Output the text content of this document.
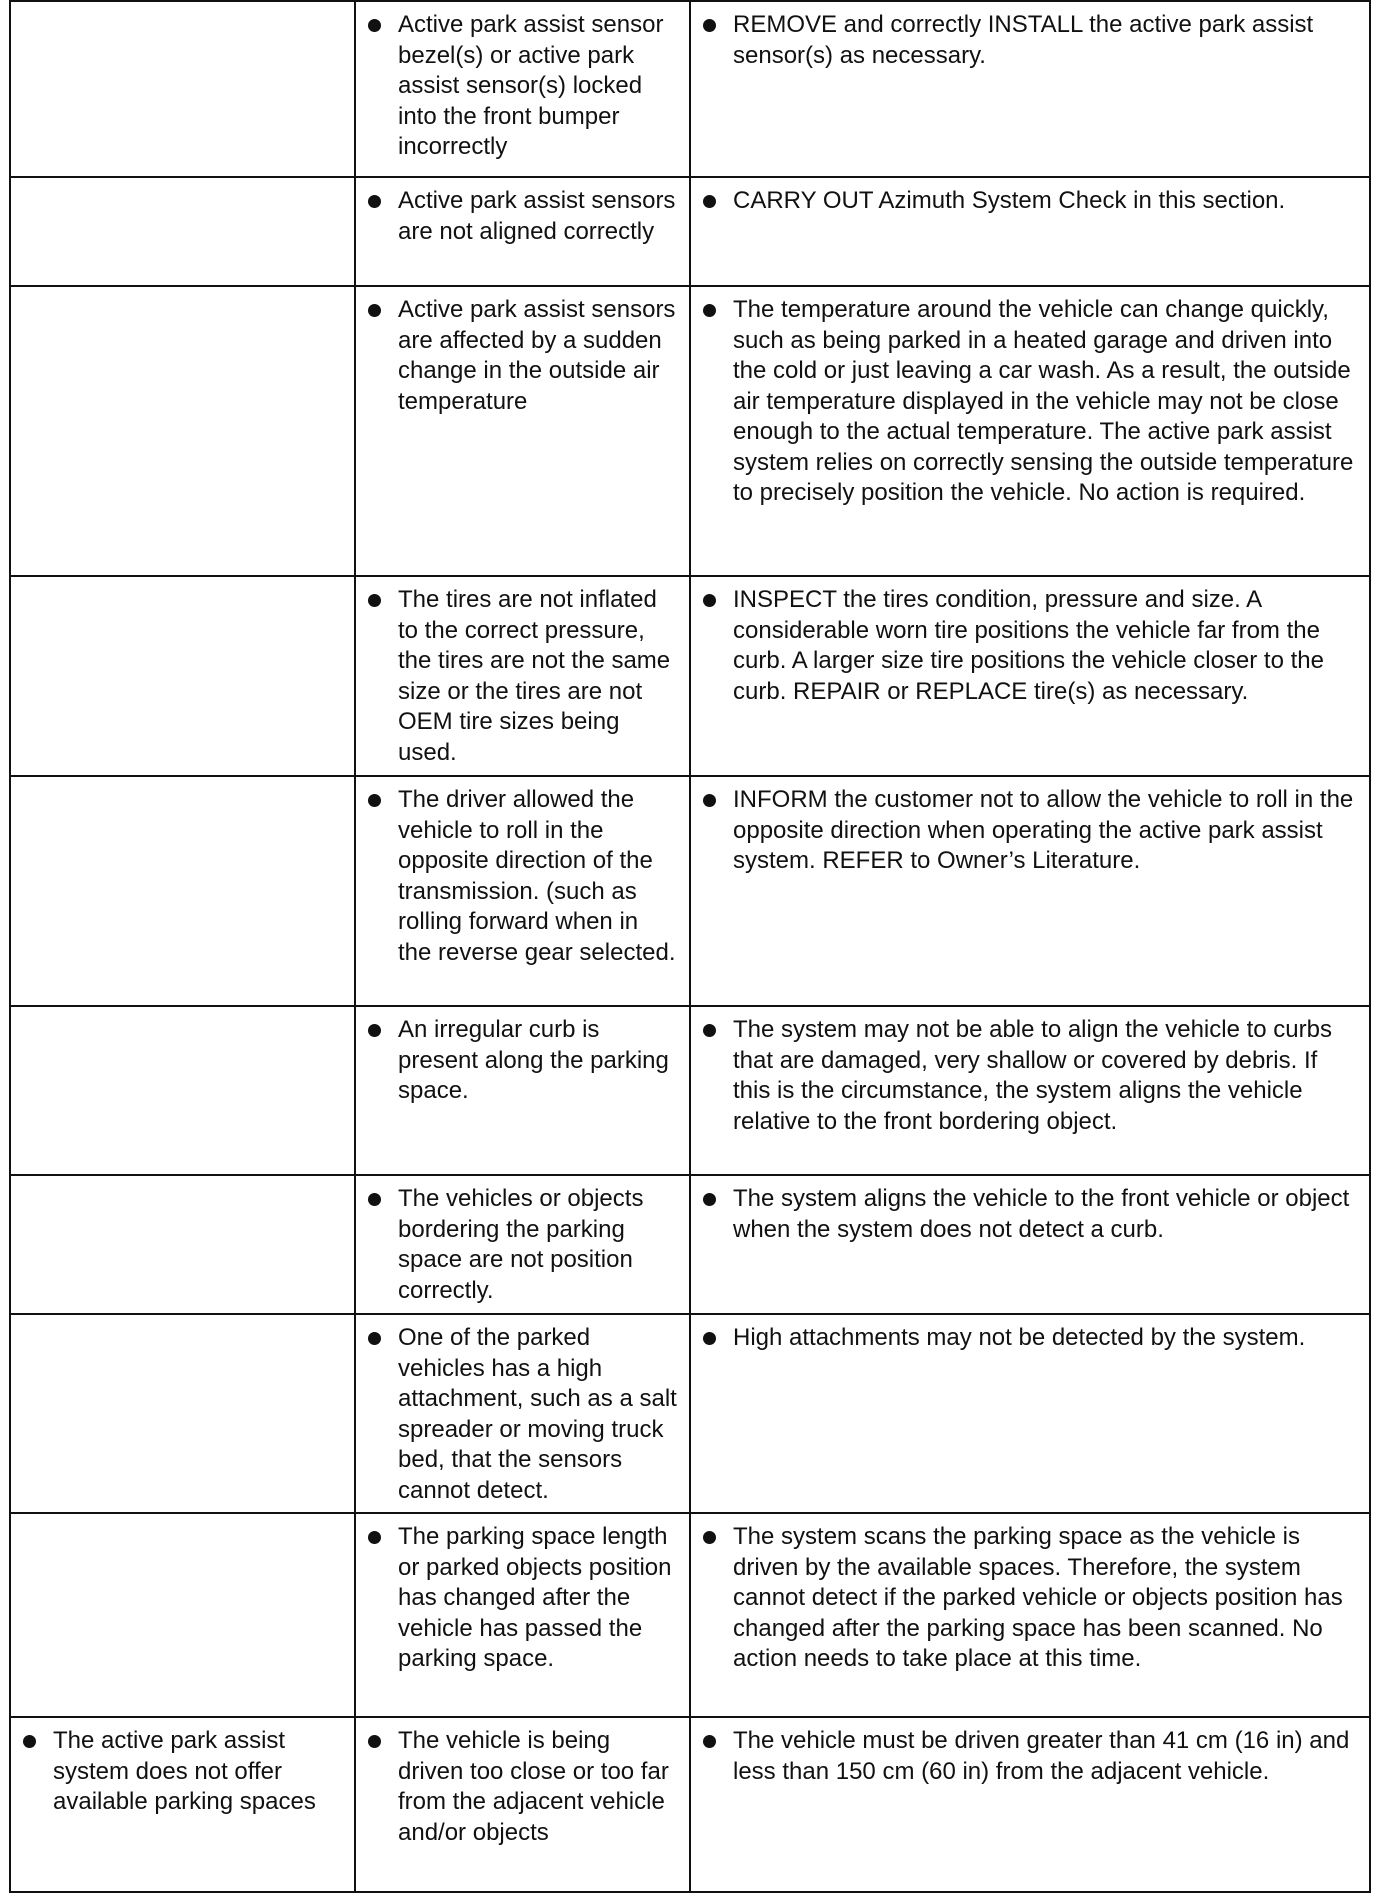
	Active park assist sensor bezel(s) or active park assist sensor(s) locked into the front bumper incorrectly	REMOVE and correctly INSTALL the active park assist sensor(s) as necessary.

	Active park assist sensors are not aligned correctly	CARRY OUT Azimuth System Check in this section.

	Active park assist sensors are affected by a sudden change in the outside air temperature	The temperature around the vehicle can change quickly, such as being parked in a heated garage and driven into the cold or just leaving a car wash. As a result, the outside air temperature displayed in the vehicle may not be close enough to the actual temperature. The active park assist system relies on correctly sensing the outside temperature to precisely position the vehicle. No action is required.

	The tires are not inflated to the correct pressure, the tires are not the same size or the tires are not OEM tire sizes being used.	INSPECT the tires condition, pressure and size. A considerable worn tire positions the vehicle far from the curb. A larger size tire positions the vehicle closer to the curb. REPAIR or REPLACE tire(s) as necessary.

	The driver allowed the vehicle to roll in the opposite direction of the transmission. (such as rolling forward when in the reverse gear selected.	INFORM the customer not to allow the vehicle to roll in the opposite direction when operating the active park assist system. REFER to Owner’s Literature.

	An irregular curb is present along the parking space.	The system may not be able to align the vehicle to curbs that are damaged, very shallow or covered by debris. If this is the circumstance, the system aligns the vehicle relative to the front bordering object.

	The vehicles or objects bordering the parking space are not position correctly.	The system aligns the vehicle to the front vehicle or object when the system does not detect a curb.

	One of the parked vehicles has a high attachment, such as a salt spreader or moving truck bed, that the sensors cannot detect.	High attachments may not be detected by the system.

	The parking space length or parked objects position has changed after the vehicle has passed the parking space.	The system scans the parking space as the vehicle is driven by the available spaces. Therefore, the system cannot detect if the parked vehicle or objects position has changed after the parking space has been scanned. No action needs to take place at this time.

The active park assist system does not offer available parking spaces	The vehicle is being driven too close or too far from the adjacent vehicle and/or objects	The vehicle must be driven greater than 41 cm (16 in) and less than 150 cm (60 in) from the adjacent vehicle.
